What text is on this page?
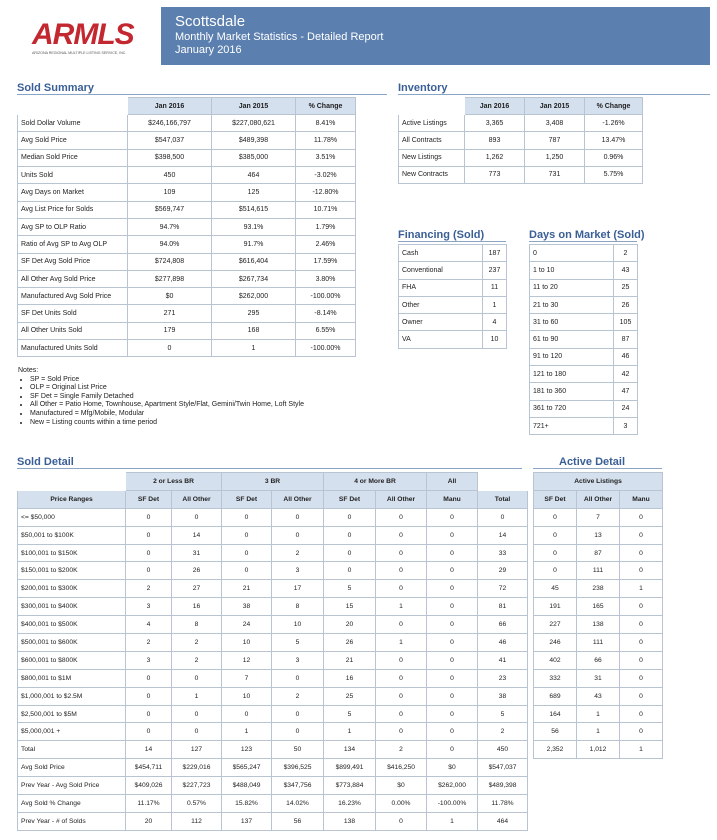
ARMLS
ARIZONA REGIONAL MULTIPLE LISTING SERVICE, INC.
Scottsdale
Monthly Market Statistics - Detailed Report
January 2016
Sold Summary
	Jan 2016	Jan 2015	% Change
Sold Dollar Volume	$246,166,797	$227,080,621	8.41%
Avg Sold Price	$547,037	$489,398	11.78%
Median Sold Price	$398,500	$385,000	3.51%
Units Sold	450	464	-3.02%
Avg Days on Market	109	125	-12.80%
Avg List Price for Solds	$569,747	$514,615	10.71%
Avg SP to OLP Ratio	94.7%	93.1%	1.79%
Ratio of Avg SP to Avg OLP	94.0%	91.7%	2.46%
SF Det Avg Sold Price	$724,808	$616,404	17.59%
All Other Avg Sold Price	$277,898	$267,734	3.80%
Manufactured Avg Sold Price	$0	$262,000	-100.00%
SF Det Units Sold	271	295	-8.14%
All Other Units Sold	179	168	6.55%
Manufactured Units Sold	0	1	-100.00%
Notes:
• SP = Sold Price
• OLP = Original List Price
• SF Det = Single Family Detached
• All Other = Patio Home, Townhouse, Apartment Style/Flat, Gemini/Twin Home, Loft Style
• Manufactured = Mfg/Mobile, Modular
• New = Listing counts within a time period
Inventory
	Jan 2016	Jan 2015	% Change
Active Listings	3,365	3,408	-1.26%
All Contracts	893	787	13.47%
New Listings	1,262	1,250	0.96%
New Contracts	773	731	5.75%
Financing (Sold)
Cash	187
Conventional	237
FHA	11
Other	1
Owner	4
VA	10
Days on Market (Sold)
0	2
1 to 10	43
11 to 20	25
21 to 30	26
31 to 60	105
61 to 90	87
91 to 120	46
121 to 180	42
181 to 360	47
361 to 720	24
721+	3
Sold Detail
	2 or Less BR		3 BR		4 or More BR		All	
Price Ranges	SF Det	All Other	SF Det	All Other	SF Det	All Other	Manu	Total
<= $50,000	0	0	0	0	0	0	0	0
$50,001 to $100K	0	14	0	0	0	0	0	14
$100,001 to $150K	0	31	0	2	0	0	0	33
$150,001 to $200K	0	26	0	3	0	0	0	29
$200,001 to $300K	2	27	21	17	5	0	0	72
$300,001 to $400K	3	16	38	8	15	1	0	81
$400,001 to $500K	4	8	24	10	20	0	0	66
$500,001 to $600K	2	2	10	5	26	1	0	46
$600,001 to $800K	3	2	12	3	21	0	0	41
$800,001 to $1M	0	0	7	0	16	0	0	23
$1,000,001 to $2.5M	0	1	10	2	25	0	0	38
$2,500,001 to $5M	0	0	0	0	5	0	0	5
$5,000,001 +	0	0	1	0	1	0	0	2
Total	14	127	123	50	134	2	0	450
Avg Sold Price	$454,711	$229,016	$565,247	$396,525	$899,491	$416,250	$0	$547,037
Prev Year - Avg Sold Price	$409,026	$227,723	$488,049	$347,756	$773,884	$0	$262,000	$489,398
Avg Sold % Change	11.17%	0.57%	15.82%	14.02%	16.23%	0.00%	-100.00%	11.78%
Prev Year - # of Solds	20	112	137	56	138	0	1	464
Active Detail
Active Listings		
SF Det	All Other	Manu
0	7	0
0	13	0
0	87	0
0	111	0
45	238	1
191	165	0
227	138	0
246	111	0
402	66	0
332	31	0
689	43	0
164	1	0
56	1	0
2,352	1,012	1
